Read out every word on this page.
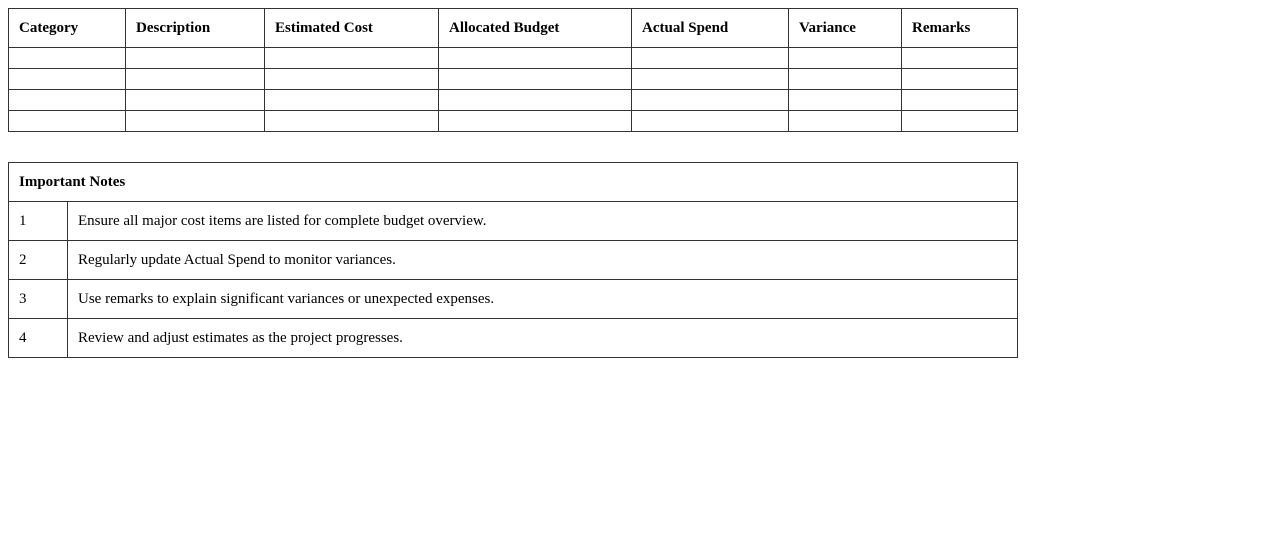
Category	Description	Estimated Cost	Allocated Budget	Actual Spend	Variance	Remarks

Important Notes	
1	Ensure all major cost items are listed for complete budget overview.
2	Regularly update Actual Spend to monitor variances.
3	Use remarks to explain significant variances or unexpected expenses.
4	Review and adjust estimates as the project progresses.
